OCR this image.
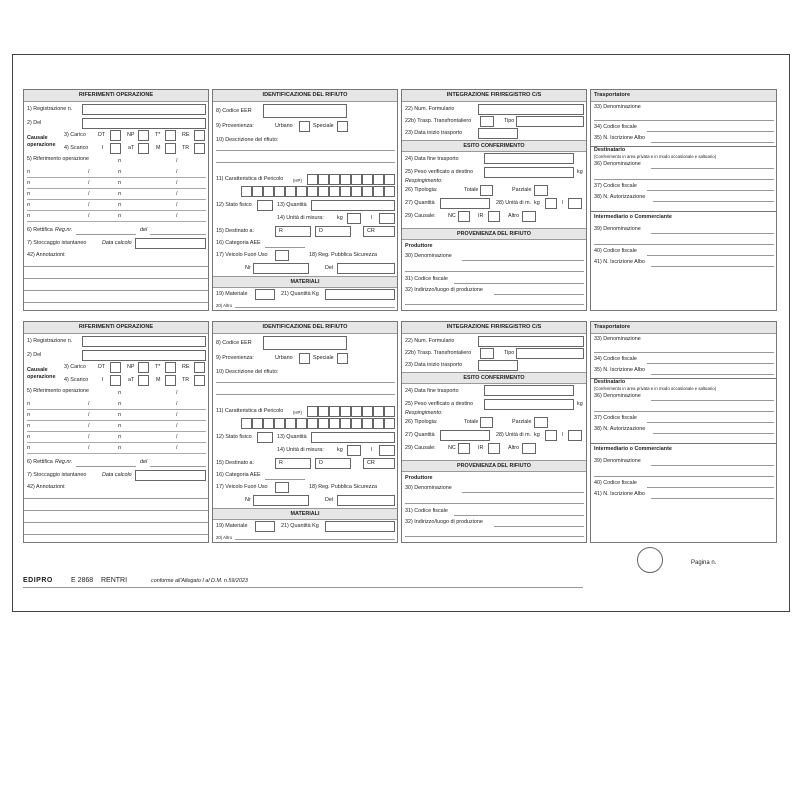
RIFERIMENTI OPERAZIONE
1) Registrazione n.
2) Del
Causale operazione
3) Carico DT	NP	T*	RE
4) Scarico	I	aT	M	TR
5) Riferimento operazione	n	/
n	/	n	/
n	/	n	/
n	/	n	/
n	/	n	/
n	/	n	/
6) Rettifica Reg.nr.	del
7) Stoccaggio istantaneo	Data calcolo
42) Annotazioni:
IDENTIFICAZIONE DEL RIFIUTO
8) Codice EER
9) Provenienza:	Urbano	Speciale
10) Descrizione del rifiuto:
11) Caratteristica di Pericolo (HP)
12) Stato fisico	13) Quantità
14) Unità di misura: kg	l
15) Destinato a:	R	D	CR
16) Categoria AEE
17) Veicolo Fuori Uso	18) Reg. Pubblica Sicurezza
Nr	Del
MATERIALI
19) Materiale	21) Quantità Kg
20) Altro
INTEGRAZIONE FIR/REGISTRO C/S
22) Num. Formulario
22b) Trasp. Transfrontaliero	Tipo
23) Data inizio trasporto
ESITO CONFERIMENTO
24) Data fine trasporto
25) Peso verificato a destino	kg
Respingimento:
26) Tipologia:	Totale	Parziale
27) Quantità	28) Unità di m. kg	l
29) Causale: NC	IR	Altro
PROVENIENZA DEL RIFIUTO
Produttore
30) Denominazione
31) Codice fiscale
32) Indirizzo/luogo di produzione
Trasportatore
33) Denominazione
34) Codice fiscale
35) N. Iscrizione Albo
Destinatario
(Conferimento in area privata e in modo occasionale e saltuario)
36) Denominazione
37) Codice fiscale
38) N. Autorizzazione
Intermediario o Commerciante
39) Denominazione
40) Codice fiscale
41) N. Iscrizione Albo
RIFERIMENTI OPERAZIONE
1) Registrazione n.
2) Del
Causale operazione
3) Carico DT	NP	T*	RE
4) Scarico	I	aT	M	TR
5) Riferimento operazione	n	/
n	/	n	/
n	/	n	/
n	/	n	/
n	/	n	/
n	/	n	/
6) Rettifica Reg.nr.	del
7) Stoccaggio istantaneo	Data calcolo
42) Annotazioni:
IDENTIFICAZIONE DEL RIFIUTO
8) Codice EER
9) Provenienza:	Urbano	Speciale
10) Descrizione del rifiuto:
11) Caratteristica di Pericolo (HP)
12) Stato fisico	13) Quantità
14) Unità di misura: kg	l
15) Destinato a:	R	D	CR
16) Categoria AEE
17) Veicolo Fuori Uso	18) Reg. Pubblica Sicurezza
Nr	Del
MATERIALI
19) Materiale	21) Quantità Kg
20) Altro
INTEGRAZIONE FIR/REGISTRO C/S
22) Num. Formulario
22b) Trasp. Transfrontaliero	Tipo
23) Data inizio trasporto
ESITO CONFERIMENTO
24) Data fine trasporto
25) Peso verificato a destino	kg
Respingimento:
26) Tipologia:	Totale	Parziale
27) Quantità	28) Unità di m. kg	l
29) Causale: NC	IR	Altro
PROVENIENZA DEL RIFIUTO
Produttore
30) Denominazione
31) Codice fiscale
32) Indirizzo/luogo di produzione
Trasportatore
33) Denominazione
34) Codice fiscale
35) N. Iscrizione Albo
Destinatario
(Conferimento in area privata e in modo occasionale e saltuario)
36) Denominazione
37) Codice fiscale
38) N. Autorizzazione
Intermediario o Commerciante
39) Denominazione
40) Codice fiscale
41) N. Iscrizione Albo
Pagina n.
EDIPRO	E 2868 RENTRI	conforme all'Allegato I al D.M. n.59/2023
